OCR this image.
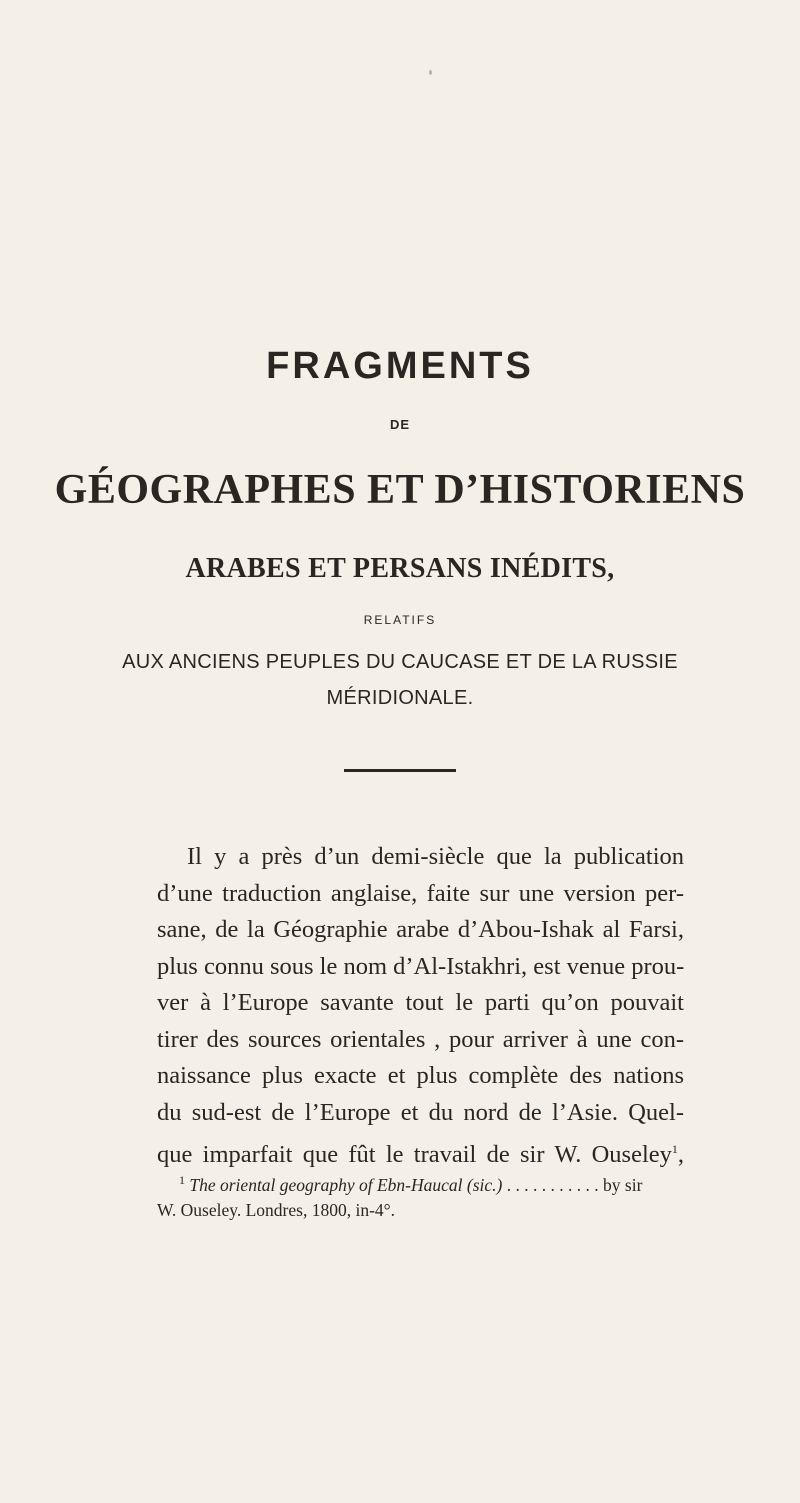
FRAGMENTS
DE
GÉOGRAPHES ET D’HISTORIENS
ARABES ET PERSANS INÉDITS,
RELATIFS
AUX ANCIENS PEUPLES DU CAUCASE ET DE LA RUSSIE
MÉRIDIONALE.
Il y a près d’un demi-siècle que la publication
d’une traduction anglaise, faite sur une version per-
sane, de la Géographie arabe d’Abou-Ishak al Farsi,
plus connu sous le nom d’Al-Istakhri, est venue prou-
ver à l’Europe savante tout le parti qu’on pouvait
tirer des sources orientales , pour arriver à une con-
naissance plus exacte et plus complète des nations
du sud-est de l’Europe et du nord de l’Asie. Quel-
que imparfait que fût le travail de sir W. Ouseley$^1$,
$^1$ The oriental geography of Ebn-Haucal (sic.) . . . . . . . . . . . by sir
W. Ouseley. Londres, 1800, in-4°.
